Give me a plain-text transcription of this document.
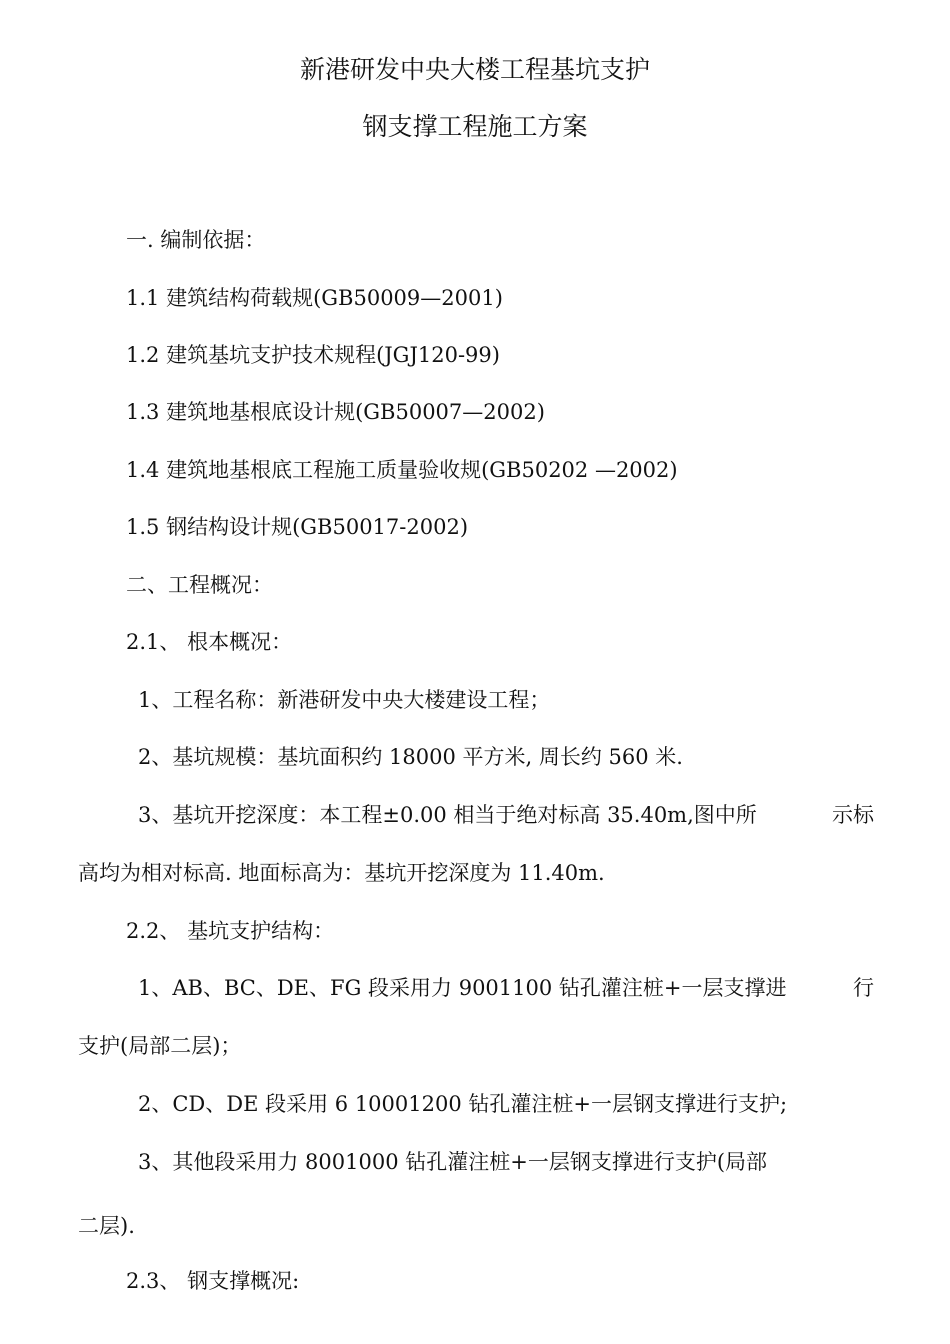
新港研发中央大楼工程基坑支护
钢支撑工程施工方案
一. 编制依据：
1.1 建筑结构荷载规(GB50009—2001)
1.2 建筑基坑支护技术规程(JGJ120-99)
1.3 建筑地基根底设计规(GB50007—2002)
1.4 建筑地基根底工程施工质量验收规(GB50202 —2002)
1.5 钢结构设计规(GB50017-2002)
二、工程概况：
2.1、 根本概况：
1、工程名称：新港研发中央大楼建设工程；
2、基坑规模：基坑面积约 18000 平方米, 周长约 560 米.
3、基坑开挖深度：本工程±0.00 相当于绝对标高 35.40m,图中所	示标
高均为相对标高. 地面标高为：基坑开挖深度为 11.40m.
2.2、 基坑支护结构：
1、AB、BC、DE、FG 段采用力 9001100 钻孔灌注桩+一层支撑进	行
支护(局部二层)；
2、CD、DE 段采用 6 10001200 钻孔灌注桩+一层钢支撑进行支护;
3、其他段采用力 8001000 钻孔灌注桩+一层钢支撑进行支护(局部
二层).
2.3、 钢支撑概况:
